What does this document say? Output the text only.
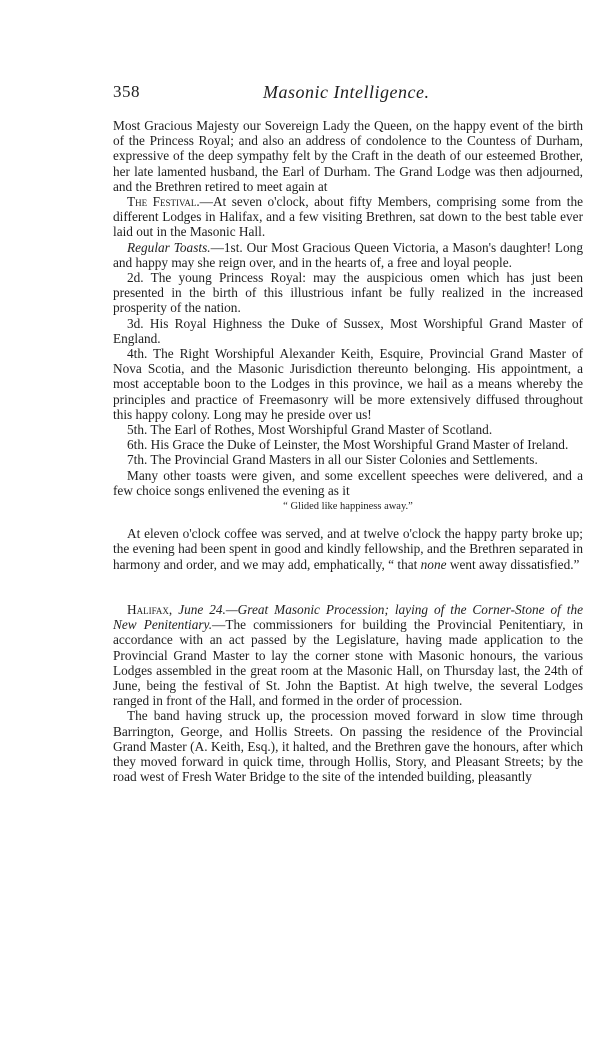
358	Masonic Intelligence.

Most Gracious Majesty our Sovereign Lady the Queen, on the happy event of the birth of the Princess Royal; and also an address of condolence to the Countess of Durham, expressive of the deep sympathy felt by the Craft in the death of our esteemed Brother, her late lamented husband, the Earl of Durham. The Grand Lodge was then adjourned, and the Brethren retired to meet again at

The Festival.—At seven o'clock, about fifty Members, comprising some from the different Lodges in Halifax, and a few visiting Brethren, sat down to the best table ever laid out in the Masonic Hall.

Regular Toasts.—1st. Our Most Gracious Queen Victoria, a Mason's daughter! Long and happy may she reign over, and in the hearts of, a free and loyal people.

2d. The young Princess Royal: may the auspicious omen which has just been presented in the birth of this illustrious infant be fully realized in the increased prosperity of the nation.

3d. His Royal Highness the Duke of Sussex, Most Worshipful Grand Master of England.

4th. The Right Worshipful Alexander Keith, Esquire, Provincial Grand Master of Nova Scotia, and the Masonic Jurisdiction thereunto belonging. His appointment, a most acceptable boon to the Lodges in this province, we hail as a means whereby the principles and practice of Freemasonry will be more extensively diffused throughout this happy colony. Long may he preside over us!

5th. The Earl of Rothes, Most Worshipful Grand Master of Scotland.

6th. His Grace the Duke of Leinster, the Most Worshipful Grand Master of Ireland.

7th. The Provincial Grand Masters in all our Sister Colonies and Settlements.

Many other toasts were given, and some excellent speeches were delivered, and a few choice songs enlivened the evening as it

“ Glided like happiness away.”

At eleven o'clock coffee was served, and at twelve o'clock the happy party broke up; the evening had been spent in good and kindly fellowship, and the Brethren separated in harmony and order, and we may add, emphatically, “ that none went away dissatisfied.”

Halifax, June 24.—Great Masonic Procession; laying of the Corner-Stone of the New Penitentiary.—The commissioners for building the Provincial Penitentiary, in accordance with an act passed by the Legislature, having made application to the Provincial Grand Master to lay the corner stone with Masonic honours, the various Lodges assembled in the great room at the Masonic Hall, on Thursday last, the 24th of June, being the festival of St. John the Baptist. At high twelve, the several Lodges ranged in front of the Hall, and formed in the order of procession.

The band having struck up, the procession moved forward in slow time through Barrington, George, and Hollis Streets. On passing the residence of the Provincial Grand Master (A. Keith, Esq.), it halted, and the Brethren gave the honours, after which they moved forward in quick time, through Hollis, Story, and Pleasant Streets; by the road west of Fresh Water Bridge to the site of the intended building, pleasantly
